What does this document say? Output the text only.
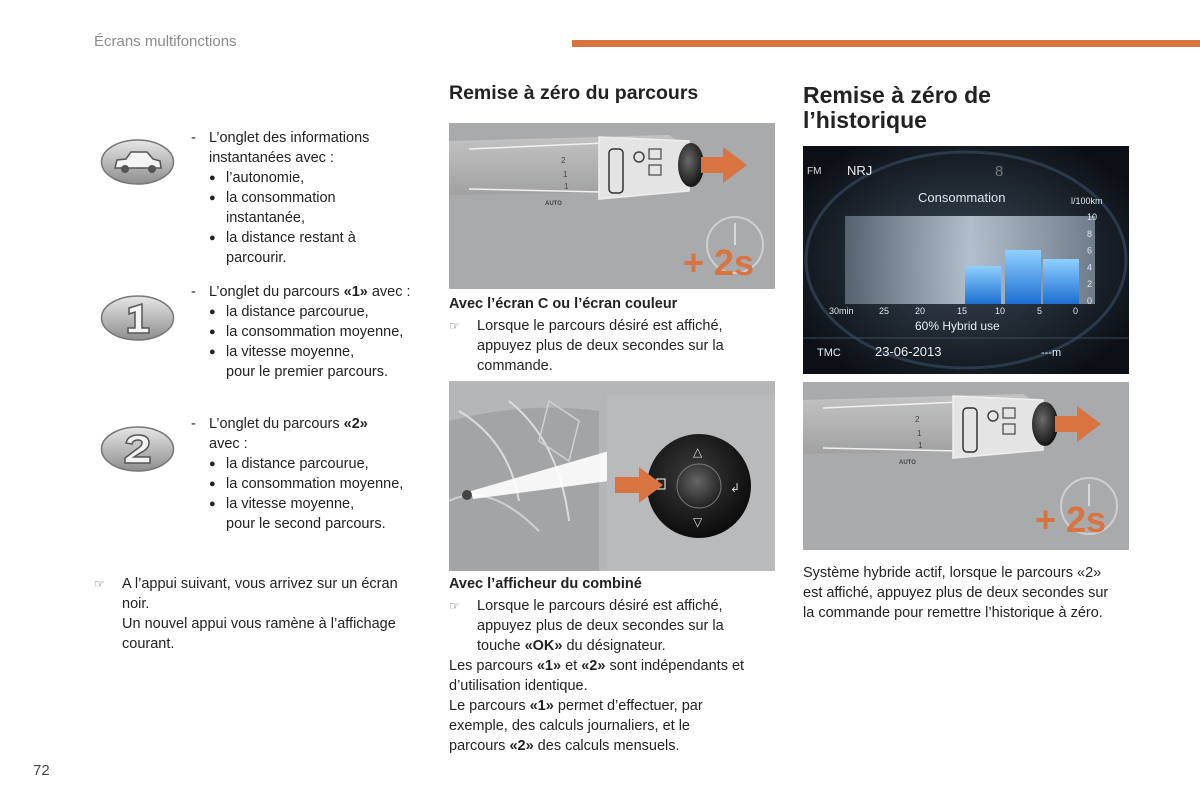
Écrans multifonctions
- L’onglet des informations
instantanées avec :
● l’autonomie,
● la consommation
instantanée,
● la distance restant à
parcourir.
- L’onglet du parcours «1» avec :
● la distance parcourue,
● la consommation moyenne,
● la vitesse moyenne,
pour le premier parcours.
- L’onglet du parcours «2»
avec :
● la distance parcourue,
● la consommation moyenne,
● la vitesse moyenne,
pour le second parcours.
☞	A l’appui suivant, vous arrivez sur un écran
noir.
Un nouvel appui vous ramène à l’affichage
courant.
Remise à zéro du parcours
2
1
1
AUTO
+ 2s
Avec l’écran C ou l’écran couleur
☞	Lorsque le parcours désiré est affiché,
appuyez plus de deux secondes sur la
commande.
△
▽
↲
Avec l’afficheur du combiné
☞	Lorsque le parcours désiré est affiché,
appuyez plus de deux secondes sur la
touche «OK» du désignateur.
Les parcours «1» et «2» sont indépendants et
d’utilisation identique.
Le parcours «1» permet d’effectuer, par
exemple, des calculs journaliers, et le
parcours «2» des calculs mensuels.
Remise à zéro de
l’historique
FM NRJ	8
Consommation	l/100km
10
8
6
4
2
0
30min	25	20	15	10	5	0
60% Hybrid use
TMC	23-06-2013	---m
2
1
1
AUTO
+ 2s
Système hybride actif, lorsque le parcours «2»
est affiché, appuyez plus de deux secondes sur
la commande pour remettre l’historique à zéro.
72
